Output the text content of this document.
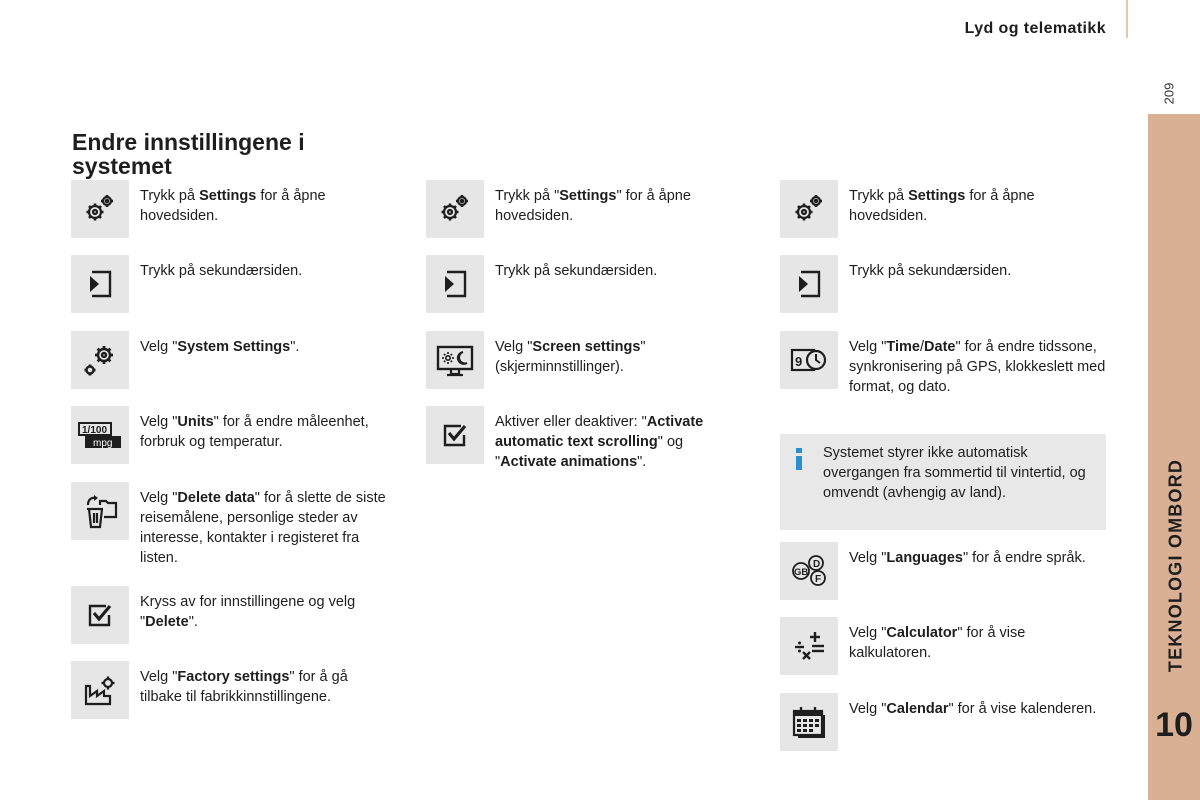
Lyd og telematikk
209
TEKNOLOGI OMBORD
10
Endre innstillingene i systemet
Trykk på Settings for å åpne hovedsiden.
Trykk på sekundærsiden.
Velg "System Settings".
1/100
mpg
Velg "Units" for å endre måleenhet, forbruk og temperatur.
Velg "Delete data" for å slette de siste reisemålene, personlige steder av interesse, kontakter i registeret fra listen.
Kryss av for innstillingene og velg "Delete".
Velg "Factory settings" for å gå tilbake til fabrikkinnstillingene.
Trykk på "Settings" for å åpne hovedsiden.
Trykk på sekundærsiden.
Velg "Screen settings" (skjerminnstillinger).
Aktiver eller deaktiver: "Activate automatic text scrolling" og "Activate animations".
Trykk på Settings for å åpne hovedsiden.
Trykk på sekundærsiden.
9
Velg "Time/Date" for å endre tidssone, synkronisering på GPS, klokkeslett med format, og dato.
Systemet styrer ikke automatisk overgangen fra sommertid til vintertid, og omvendt (avhengig av land).
D
GB
F
Velg "Languages" for å endre språk.
Velg "Calculator" for å vise kalkulatoren.
Velg "Calendar" for å vise kalenderen.
